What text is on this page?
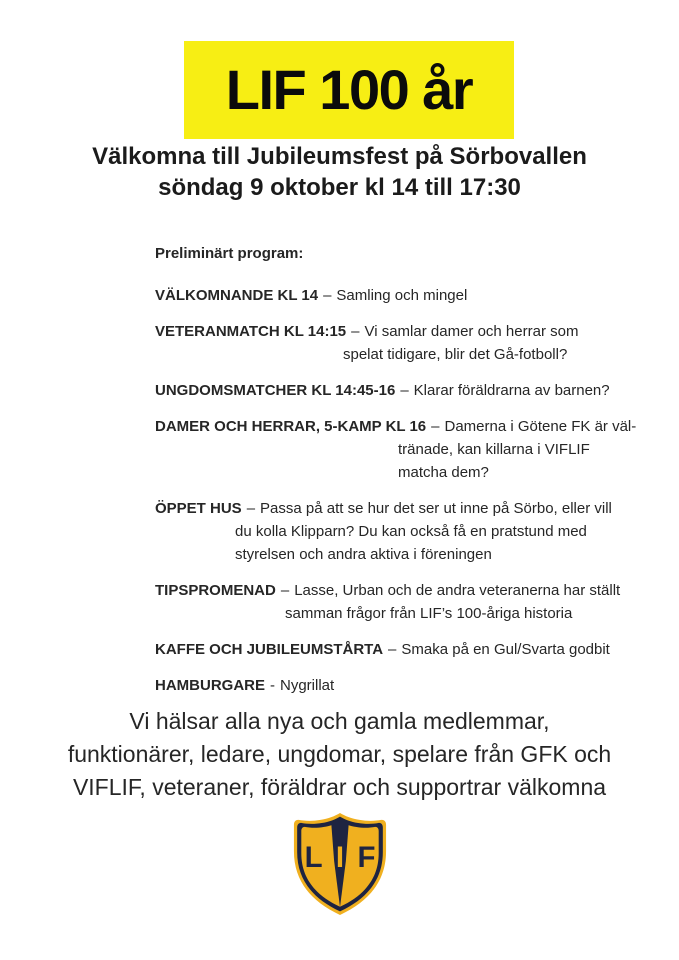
LIF 100 år
Välkomna till Jubileumsfest på Sörbovallen
söndag 9 oktober kl 14 till 17:30
Preliminärt program:
VÄLKOMNANDE KL 14 – Samling och mingel
VETERANMATCH KL 14:15 – Vi samlar damer och herrar som
spelat tidigare, blir det Gå-fotboll?
UNGDOMSMATCHER KL 14:45-16 – Klarar föräldrarna av barnen?
DAMER OCH HERRAR, 5-KAMP KL 16 – Damerna i Götene FK är väl-
tränade, kan killarna i VIFLIF
matcha dem?
ÖPPET HUS – Passa på att se hur det ser ut inne på Sörbo, eller vill
du kolla Klipparn? Du kan också få en pratstund med
styrelsen och andra aktiva i föreningen
TIPSPROMENAD – Lasse, Urban och de andra veteranerna har ställt
samman frågor från LIF’s 100-åriga historia
KAFFE OCH JUBILEUMSTÅRTA – Smaka på en Gul/Svarta godbit
HAMBURGARE - Nygrillat
Vi hälsar alla nya och gamla medlemmar,
funktionärer, ledare, ungdomar, spelare från GFK och
VIFLIF, veteraner, föräldrar och supportrar välkomna
L I F
